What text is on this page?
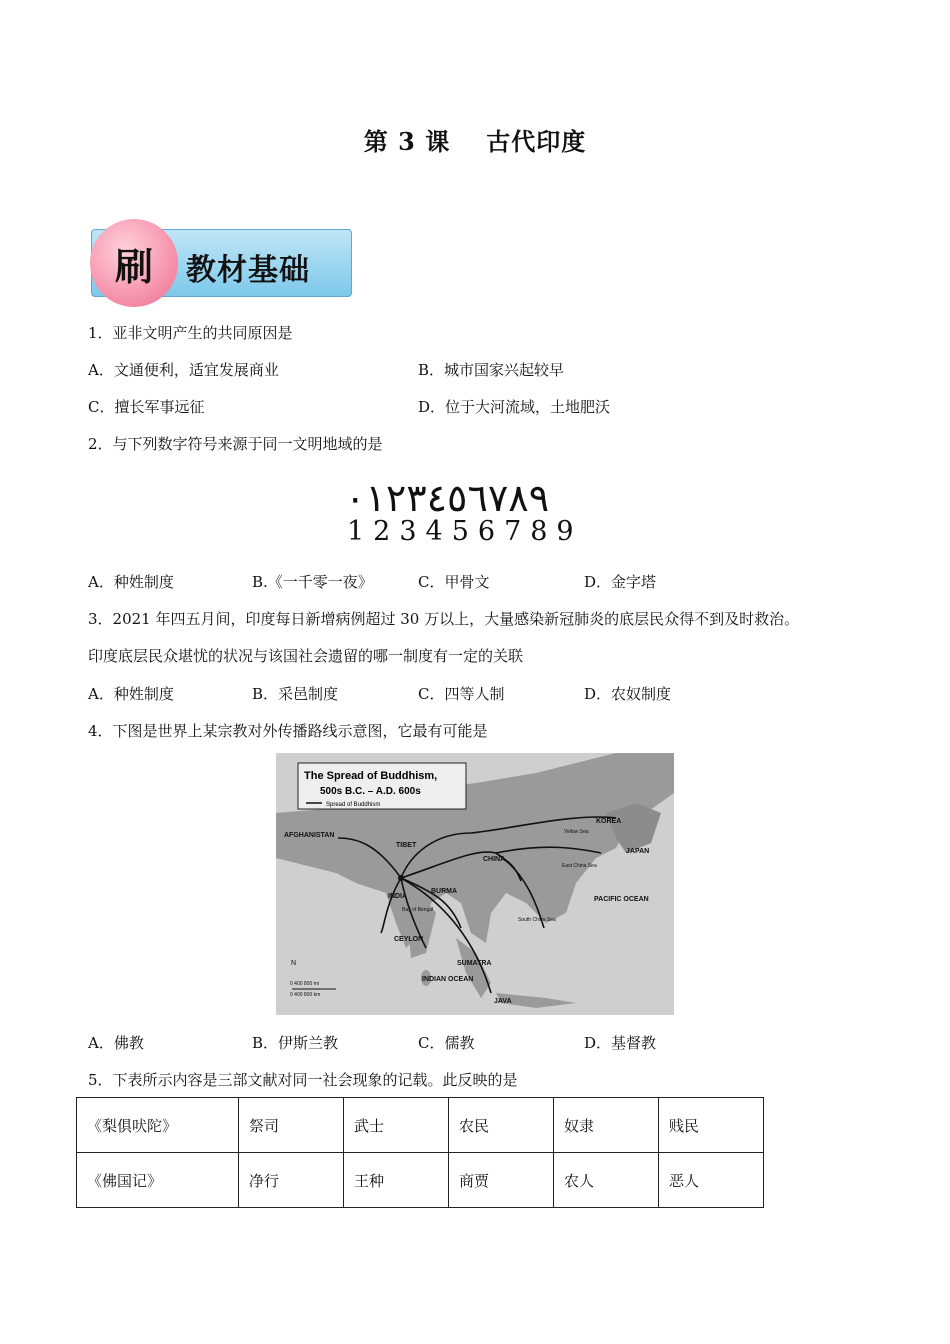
第 3 课 古代印度
刷	教材基础
1．亚非文明产生的共同原因是
A．文通便利，适宜发展商业	B．城市国家兴起较早
C．擅长军事远征	D．位于大河流域，土地肥沃
2．与下列数字符号来源于同一文明地域的是
٠١٢٣٤٥٦٧٨٩
123456789
A．种姓制度	B.《一千零一夜》	C．甲骨文	D．金字塔
3．2021 年四五月间，印度每日新增病例超过 30 万以上，大量感染新冠肺炎的底层民众得不到及时救治。
印度底层民众堪忧的状况与该国社会遗留的哪一制度有一定的关联
A．种姓制度	B．采邑制度	C．四等人制	D．农奴制度
4．下图是世界上某宗教对外传播路线示意图，它最有可能是
The Spread of Buddhism,
500s B.C. – A.D. 600s
Spread of Buddhism
AFGHANISTAN
TIBET
KOREA
JAPAN
CHINA
INDIA
BURMA
PACIFIC OCEAN
CEYLON
SUMATRA
INDIAN OCEAN
JAVA
Yellow Sea
East China Sea
Bay of Bengal
South China Sea
N
0 400 800 mi
0 400 800 km
A．佛教	B．伊斯兰教	C．儒教	D．基督教
5．下表所示内容是三部文献对同一社会现象的记载。此反映的是
《梨俱吠陀》	祭司	武士	农民	奴隶	贱民
《佛国记》	净行	王种	商贾	农人	恶人
